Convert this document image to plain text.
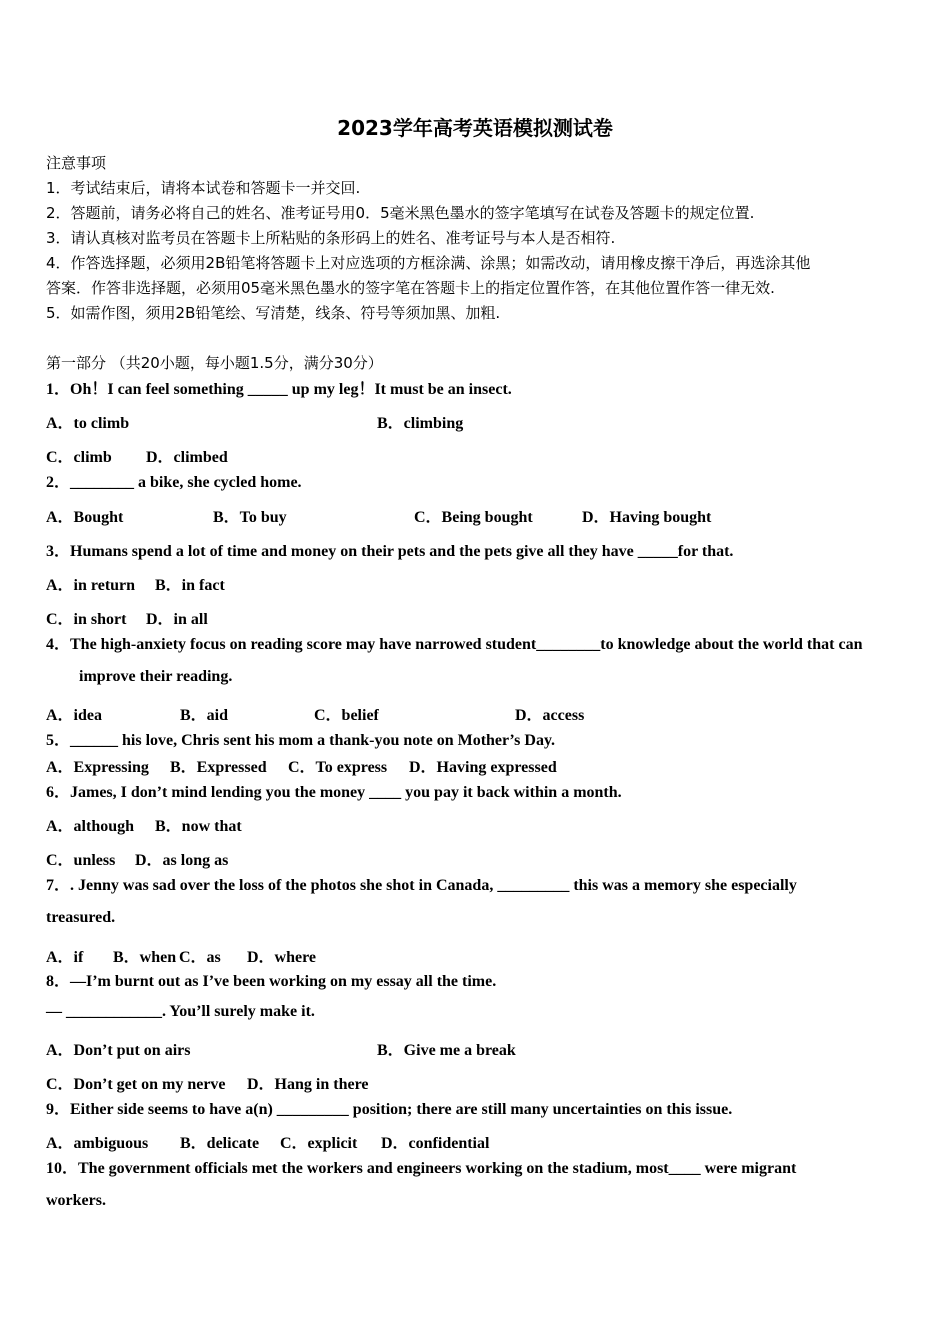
2023学年高考英语模拟测试卷
注意事项
1．考试结束后，请将本试卷和答题卡一并交回.
2．答题前，请务必将自己的姓名、准考证号用0．5毫米黑色墨水的签字笔填写在试卷及答题卡的规定位置.
3．请认真核对监考员在答题卡上所粘贴的条形码上的姓名、准考证号与本人是否相符.
4．作答选择题，必须用2B铅笔将答题卡上对应选项的方框涂满、涂黑；如需改动，请用橡皮擦干净后，再选涂其他
答案．作答非选择题，必须用05毫米黑色墨水的签字笔在答题卡上的指定位置作答，在其他位置作答一律无效.
5．如需作图，须用2B铅笔绘、写清楚，线条、符号等须加黑、加粗.
第一部分 （共20小题，每小题1.5分，满分30分）
1．Oh！I can feel something _____ up my leg！It must be an insect.
A．to climb	B．climbing
C．climb D．climbed
2．________ a bike, she cycled home.
A．Bought	B．To buy	C．Being bought	D．Having bought
3．Humans spend a lot of time and money on their pets and the pets give all they have _____for that.
A．in return B．in fact
C．in short D．in all
4．The high-anxiety focus on reading score may have narrowed student________to knowledge about the world that can
improve their reading.
A．idea	B．aid	C．belief	D．access
5．______ his love, Chris sent his mom a thank-you note on Mother’s Day.
A．Expressing B．Expressed C．To express D．Having expressed
6．James, I don’t mind lending you the money ____ you pay it back within a month.
A．although B．now that
C．unless D．as long as
7．. Jenny was sad over the loss of the photos she shot in Canada, _________ this was a memory she especially
treasured.
A．if B．when C．as D．where
8．—I’m burnt out as I’ve been working on my essay all the time.
— ____________. You’ll surely make it.
A．Don’t put on airs	B．Give me a break
C．Don’t get on my nerve D．Hang in there
9．Either side seems to have a(n) _________ position; there are still many uncertainties on this issue.
A．ambiguous B．delicate C．explicit D．confidential
10．The government officials met the workers and engineers working on the stadium, most____ were migrant
workers.
